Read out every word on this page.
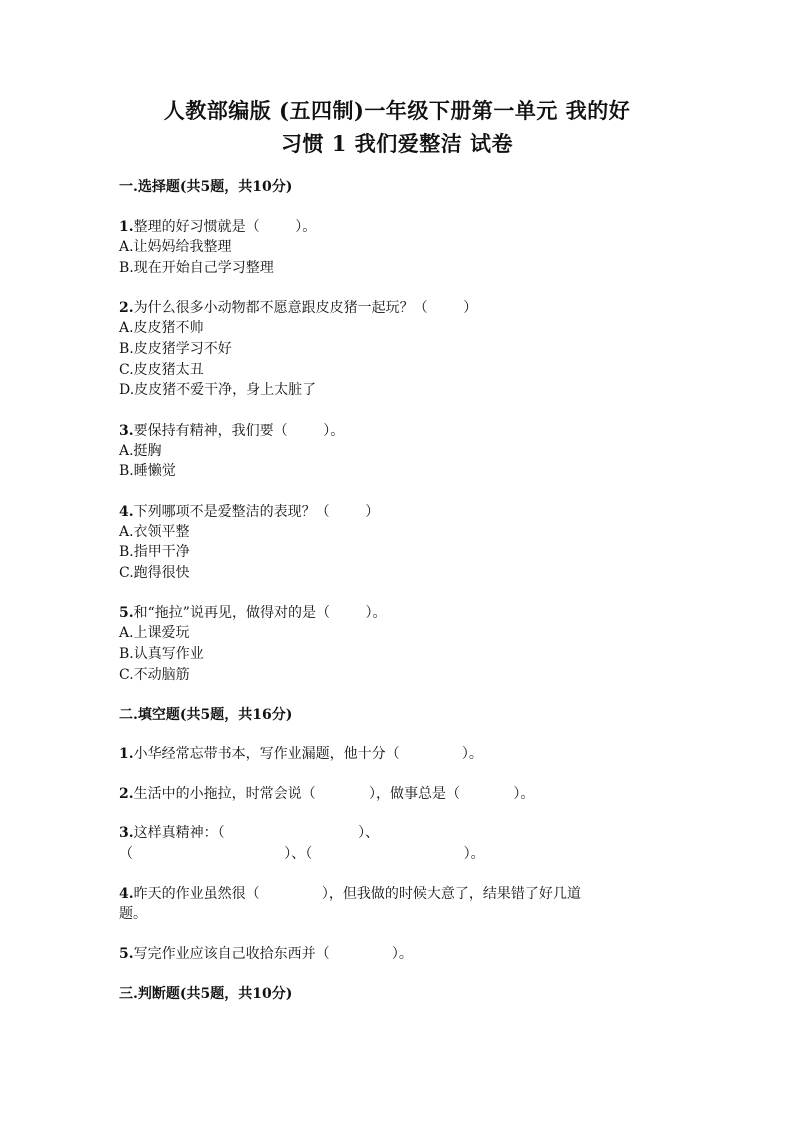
人教部编版 (五四制)一年级下册第一单元 我的好
习惯 1 我们爱整洁 试卷
一.选择题(共5题，共10分)
1.整理的好习惯就是（        ）。
A.让妈妈给我整理
B.现在开始自己学习整理
2.为什么很多小动物都不愿意跟皮皮猪一起玩？（        ）
A.皮皮猪不帅
B.皮皮猪学习不好
C.皮皮猪太丑
D.皮皮猪不爱干净，身上太脏了
3.要保持有精神，我们要（        ）。
A.挺胸
B.睡懒觉
4.下列哪项不是爱整洁的表现？（        ）
A.衣领平整
B.指甲干净
C.跑得很快
5.和“拖拉”说再见，做得对的是（        ）。
A.上课爱玩
B.认真写作业
C.不动脑筋
二.填空题(共5题，共16分)
1.小华经常忘带书本，写作业漏题，他十分（              ）。
2.生活中的小拖拉，时常会说（            ），做事总是（            ）。
3.这样真精神：（                              ）、
（                                  ）、（                                  ）。
4.昨天的作业虽然很（              ），但我做的时候大意了，结果错了好几道
题。
5.写完作业应该自己收拾东西并（              ）。
三.判断题(共5题，共10分)
